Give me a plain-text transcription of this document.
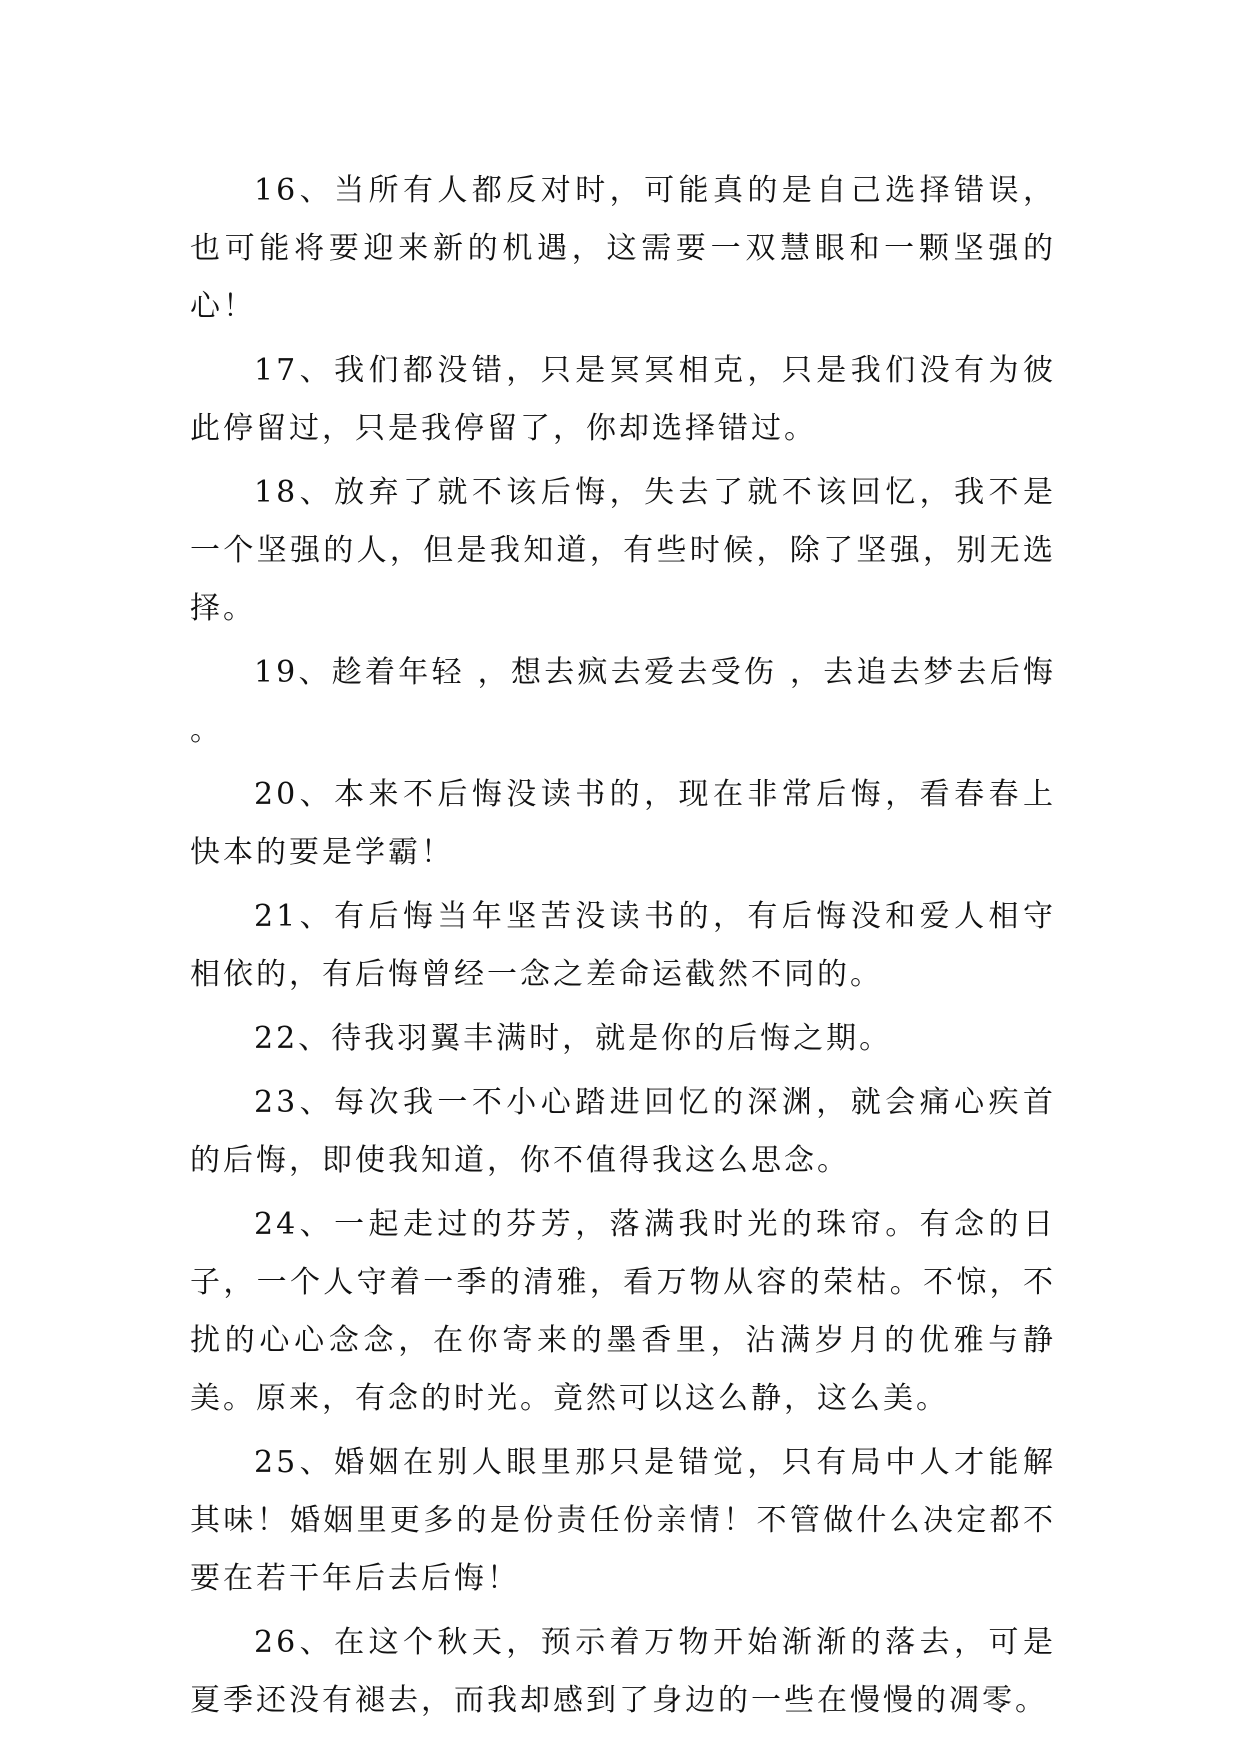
16、当所有人都反对时，可能真的是自己选择错误，也可能将要迎来新的机遇，这需要一双慧眼和一颗坚强的心！

17、我们都没错，只是冥冥相克，只是我们没有为彼此停留过，只是我停留了，你却选择错过。

18、放弃了就不该后悔，失去了就不该回忆，我不是一个坚强的人，但是我知道，有些时候，除了坚强，别无选择。

19、趁着年轻 ，想去疯去爱去受伤 ，去追去梦去后悔 。

20、本来不后悔没读书的，现在非常后悔，看春春上快本的要是学霸！

21、有后悔当年坚苦没读书的，有后悔没和爱人相守相依的，有后悔曾经一念之差命运截然不同的。

22、待我羽翼丰满时，就是你的后悔之期。

23、每次我一不小心踏进回忆的深渊，就会痛心疾首的后悔，即使我知道，你不值得我这么思念。

24、一起走过的芬芳，落满我时光的珠帘。有念的日子，一个人守着一季的清雅，看万物从容的荣枯。不惊，不扰的心心念念，在你寄来的墨香里，沾满岁月的优雅与静美。原来，有念的时光。竟然可以这么静，这么美。

25、婚姻在别人眼里那只是错觉，只有局中人才能解其味！婚姻里更多的是份责任份亲情！不管做什么决定都不要在若干年后去后悔！

26、在这个秋天，预示着万物开始渐渐的落去，可是夏季还没有褪去，而我却感到了身边的一些在慢慢的凋零。
